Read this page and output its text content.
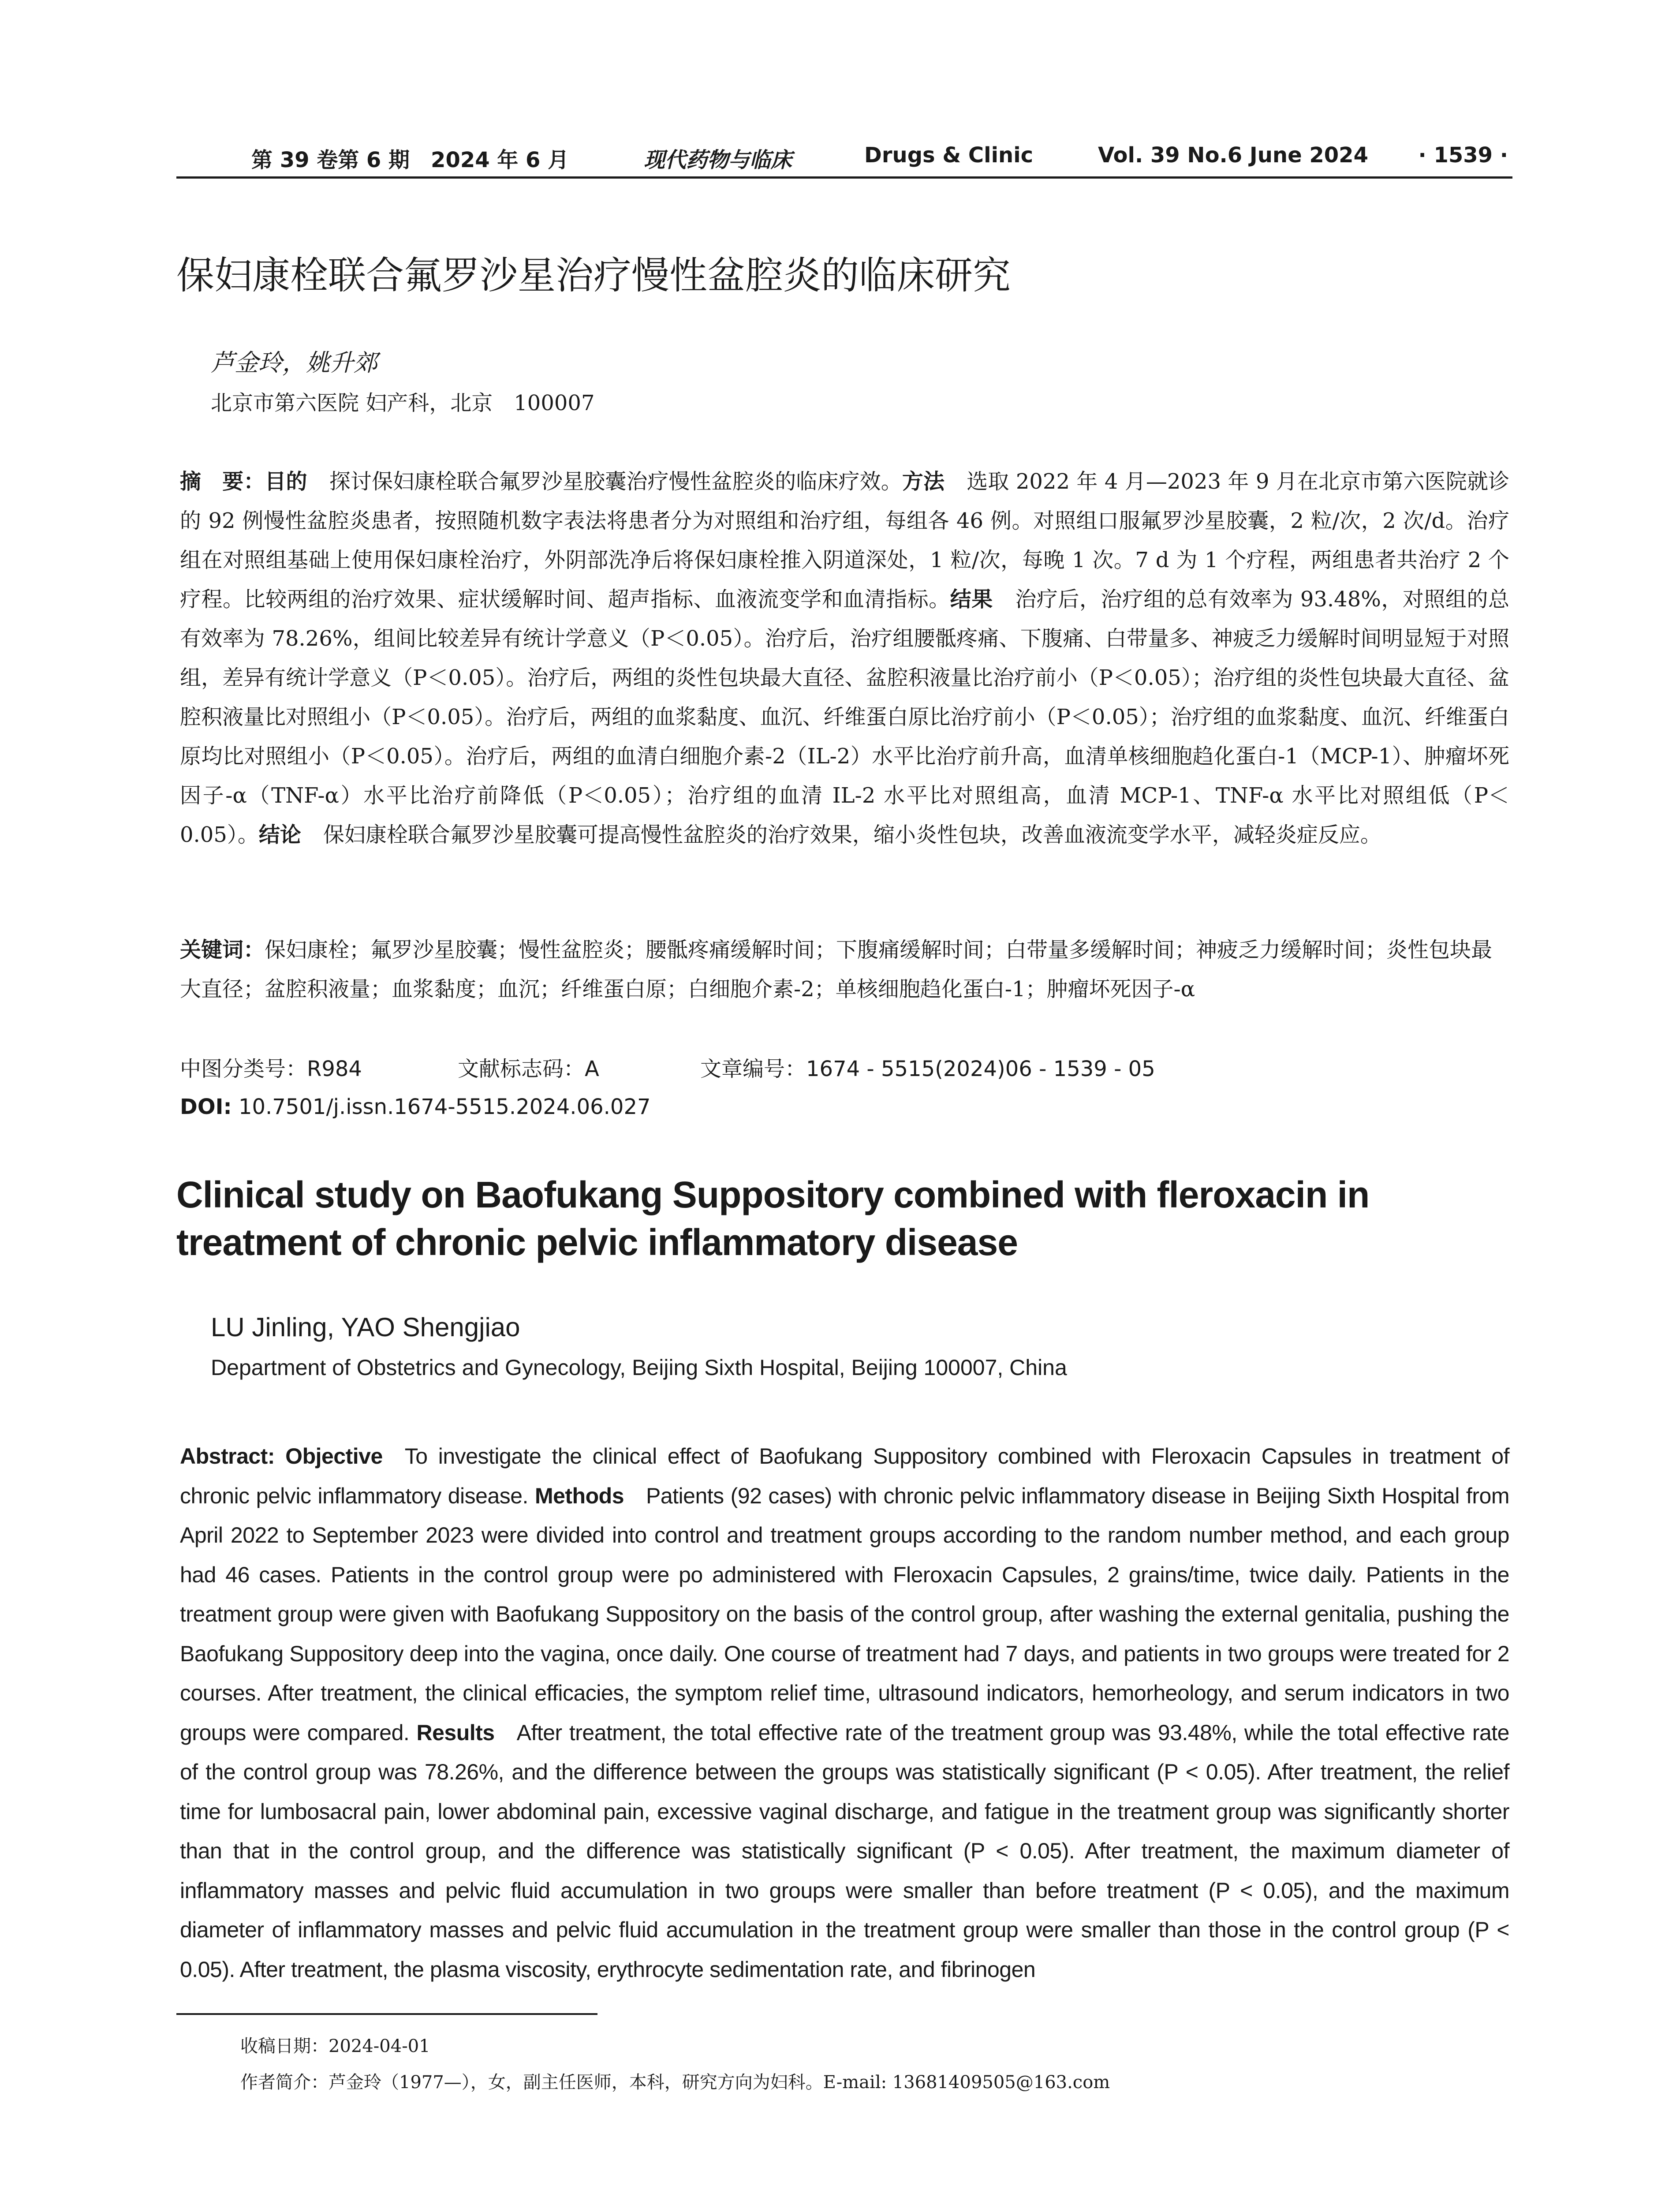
第 39 卷第 6 期　2024 年 6 月	现代药物与临床	Drugs & Clinic	Vol. 39 No.6 June 2024 · 1539 ·
保妇康栓联合氟罗沙星治疗慢性盆腔炎的临床研究
芦金玲，姚升郊
北京市第六医院 妇产科，北京　100007
摘　要：目的 探讨保妇康栓联合氟罗沙星胶囊治疗慢性盆腔炎的临床疗效。方法 选取 2022 年 4 月—2023 年 9 月在北京市第六医院就诊的 92 例慢性盆腔炎患者，按照随机数字表法将患者分为对照组和治疗组，每组各 46 例。对照组口服氟罗沙星胶囊，2 粒/次，2 次/d。治疗组在对照组基础上使用保妇康栓治疗，外阴部洗净后将保妇康栓推入阴道深处，1 粒/次，每晚 1 次。7 d 为 1 个疗程，两组患者共治疗 2 个疗程。比较两组的治疗效果、症状缓解时间、超声指标、血液流变学和血清指标。结果 治疗后，治疗组的总有效率为 93.48%，对照组的总有效率为 78.26%，组间比较差异有统计学意义（P＜0.05）。治疗后，治疗组腰骶疼痛、下腹痛、白带量多、神疲乏力缓解时间明显短于对照组，差异有统计学意义（P＜0.05）。治疗后，两组的炎性包块最大直径、盆腔积液量比治疗前小（P＜0.05）；治疗组的炎性包块最大直径、盆腔积液量比对照组小（P＜0.05）。治疗后，两组的血浆黏度、血沉、纤维蛋白原比治疗前小（P＜0.05）；治疗组的血浆黏度、血沉、纤维蛋白原均比对照组小（P＜0.05）。治疗后，两组的血清白细胞介素-2（IL-2）水平比治疗前升高，血清单核细胞趋化蛋白-1（MCP-1）、肿瘤坏死因子-α（TNF-α）水平比治疗前降低（P＜0.05）；治疗组的血清 IL-2 水平比对照组高，血清 MCP-1、TNF-α 水平比对照组低（P＜0.05）。结论 保妇康栓联合氟罗沙星胶囊可提高慢性盆腔炎的治疗效果，缩小炎性包块，改善血液流变学水平，减轻炎症反应。
关键词：保妇康栓；氟罗沙星胶囊；慢性盆腔炎；腰骶疼痛缓解时间；下腹痛缓解时间；白带量多缓解时间；神疲乏力缓解时间；炎性包块最大直径；盆腔积液量；血浆黏度；血沉；纤维蛋白原；白细胞介素-2；单核细胞趋化蛋白-1；肿瘤坏死因子-α
中图分类号：R984	文献标志码：A	文章编号：1674 - 5515(2024)06 - 1539 - 05
DOI: 10.7501/j.issn.1674-5515.2024.06.027
Clinical study on Baofukang Suppository combined with fleroxacin in treatment of chronic pelvic inflammatory disease
LU Jinling, YAO Shengjiao
Department of Obstetrics and Gynecology, Beijing Sixth Hospital, Beijing 100007, China
Abstract: Objective To investigate the clinical effect of Baofukang Suppository combined with Fleroxacin Capsules in treatment of chronic pelvic inflammatory disease. Methods Patients (92 cases) with chronic pelvic inflammatory disease in Beijing Sixth Hospital from April 2022 to September 2023 were divided into control and treatment groups according to the random number method, and each group had 46 cases. Patients in the control group were po administered with Fleroxacin Capsules, 2 grains/time, twice daily. Patients in the treatment group were given with Baofukang Suppository on the basis of the control group, after washing the external genitalia, pushing the Baofukang Suppository deep into the vagina, once daily. One course of treatment had 7 days, and patients in two groups were treated for 2 courses. After treatment, the clinical efficacies, the symptom relief time, ultrasound indicators, hemorheology, and serum indicators in two groups were compared. Results After treatment, the total effective rate of the treatment group was 93.48%, while the total effective rate of the control group was 78.26%, and the difference between the groups was statistically significant (P < 0.05). After treatment, the relief time for lumbosacral pain, lower abdominal pain, excessive vaginal discharge, and fatigue in the treatment group was significantly shorter than that in the control group, and the difference was statistically significant (P < 0.05). After treatment, the maximum diameter of inflammatory masses and pelvic fluid accumulation in two groups were smaller than before treatment (P < 0.05), and the maximum diameter of inflammatory masses and pelvic fluid accumulation in the treatment group were smaller than those in the control group (P < 0.05). After treatment, the plasma viscosity, erythrocyte sedimentation rate, and fibrinogen
收稿日期：2024-04-01
作者简介：芦金玲（1977—），女，副主任医师，本科，研究方向为妇科。E-mail: 13681409505@163.com
